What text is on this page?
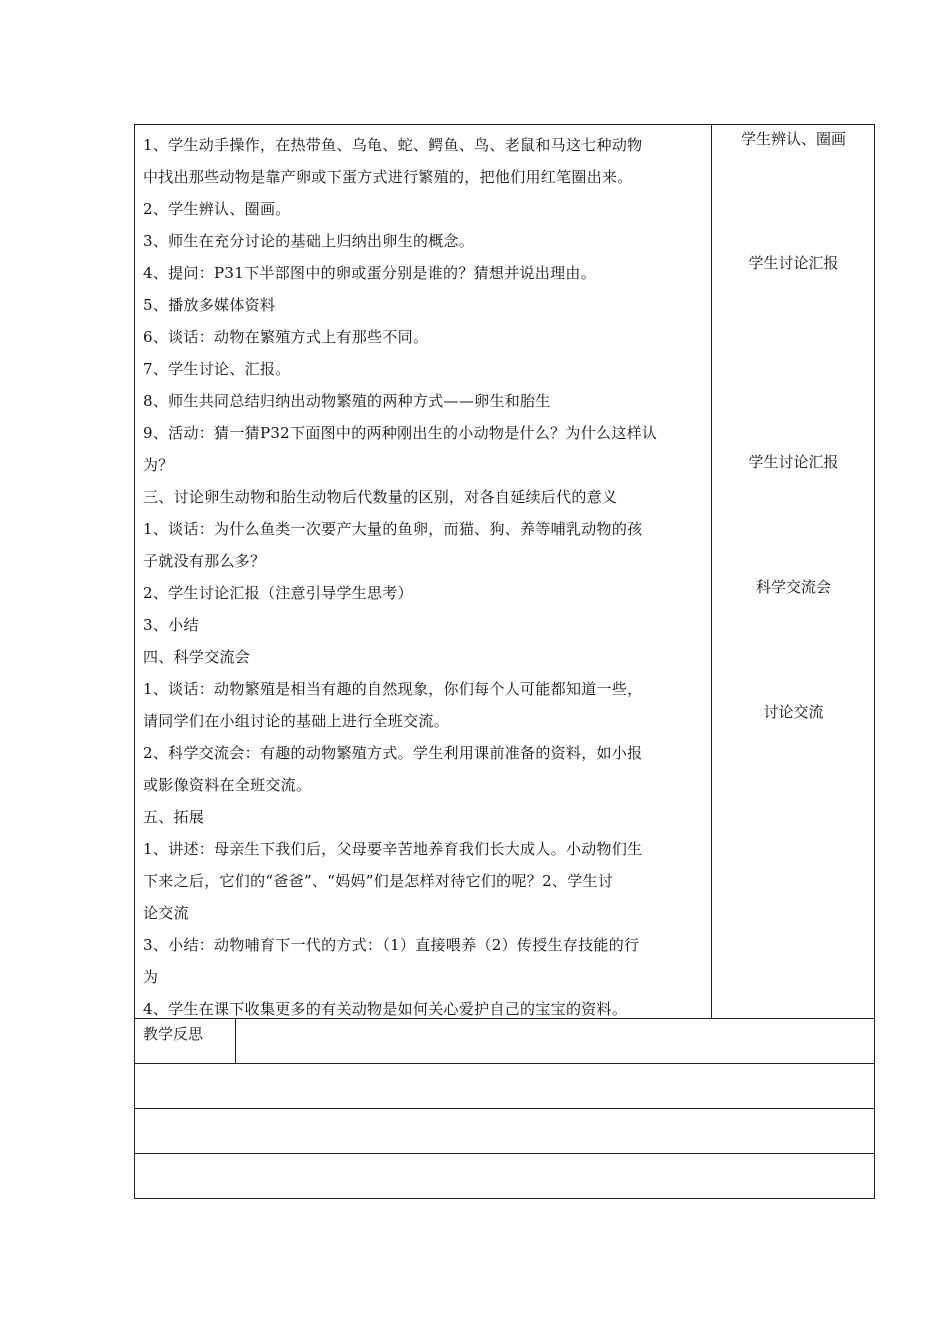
1、学生动手操作，在热带鱼、乌龟、蛇、鳄鱼、鸟、老鼠和马这七种动物
中找出那些动物是靠产卵或下蛋方式进行繁殖的，把他们用红笔圈出来。
2、学生辨认、圈画。
3、师生在充分讨论的基础上归纳出卵生的概念。
4、提问：P31下半部图中的卵或蛋分别是谁的？猜想并说出理由。
5、播放多媒体资料
6、谈话：动物在繁殖方式上有那些不同。
7、学生讨论、汇报。
8、师生共同总结归纳出动物繁殖的两种方式——卵生和胎生
9、活动：猜一猜P32下面图中的两种刚出生的小动物是什么？为什么这样认
为？
三、讨论卵生动物和胎生动物后代数量的区别，对各自延续后代的意义
1、谈话：为什么鱼类一次要产大量的鱼卵，而猫、狗、养等哺乳动物的孩
子就没有那么多？
2、学生讨论汇报（注意引导学生思考）
3、小结
四、科学交流会
1、谈话：动物繁殖是相当有趣的自然现象，你们每个人可能都知道一些，
请同学们在小组讨论的基础上进行全班交流。
2、科学交流会：有趣的动物繁殖方式。学生利用课前准备的资料，如小报
或影像资料在全班交流。
五、拓展
1、讲述：母亲生下我们后，父母要辛苦地养育我们长大成人。小动物们生
下来之后，它们的“爸爸”、“妈妈”们是怎样对待它们的呢？2、学生讨
论交流
3、小结：动物哺育下一代的方式：（1）直接喂养（2）传授生存技能的行
为
4、学生在课下收集更多的有关动物是如何关心爱护自己的宝宝的资料。
学生辨认、圈画
学生讨论汇报
学生讨论汇报
科学交流会
讨论交流
教学反思
